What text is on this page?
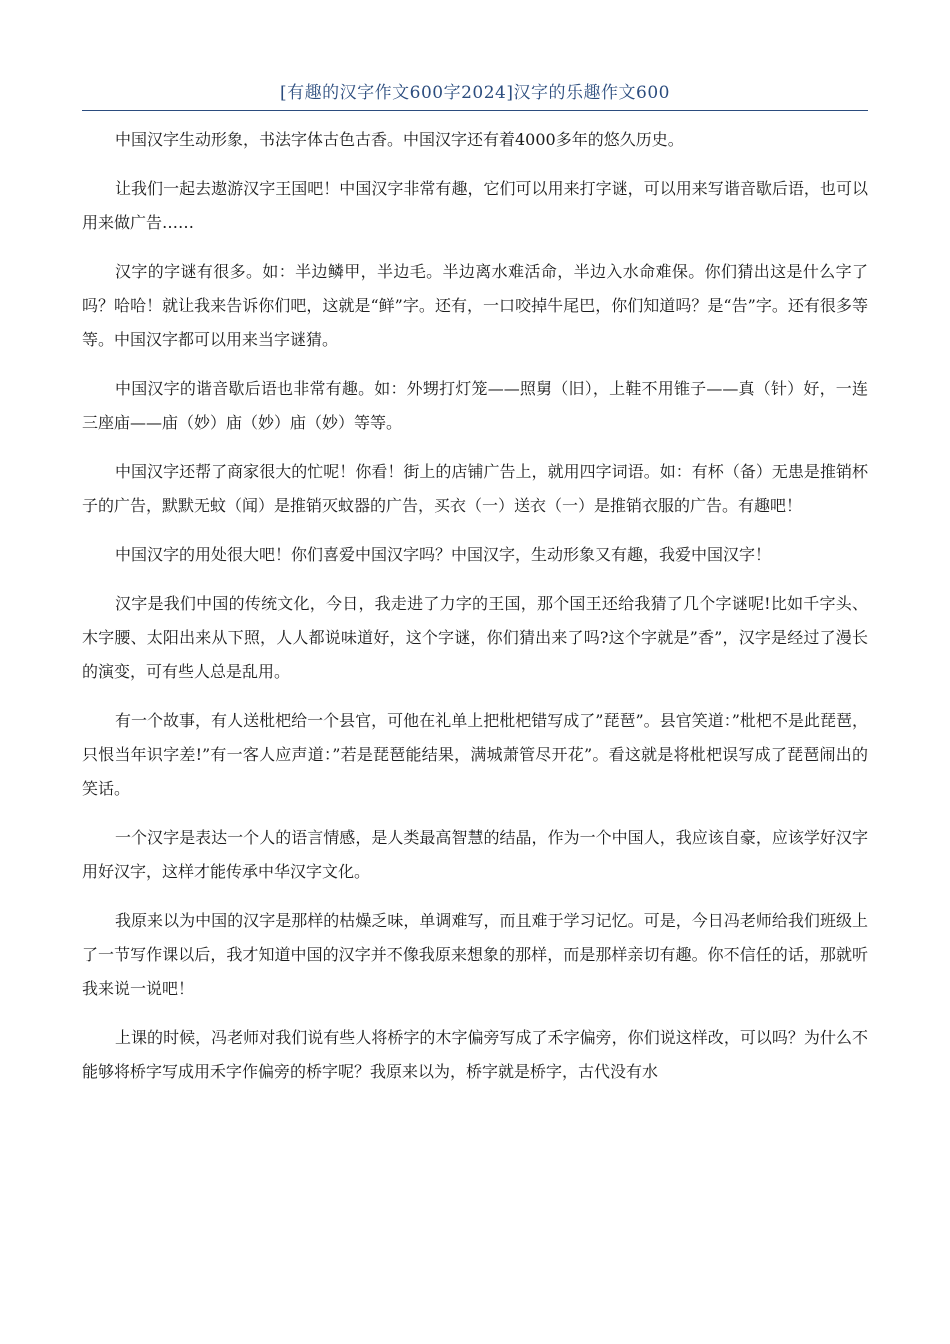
[有趣的汉字作文600字2024]汉字的乐趣作文600

中国汉字生动形象，书法字体古色古香。中国汉字还有着4000多年的悠久历史。

让我们一起去遨游汉字王国吧！中国汉字非常有趣，它们可以用来打字谜，可以用来写谐音歇后语，也可以用来做广告……

汉字的字谜有很多。如：半边鳞甲，半边毛。半边离水难活命，半边入水命难保。你们猜出这是什么字了吗？哈哈！就让我来告诉你们吧，这就是“鲜”字。还有，一口咬掉牛尾巴，你们知道吗？是“告”字。还有很多等等。中国汉字都可以用来当字谜猜。

中国汉字的谐音歇后语也非常有趣。如：外甥打灯笼——照舅（旧），上鞋不用锥子——真（针）好，一连三座庙——庙（妙）庙（妙）庙（妙）等等。

中国汉字还帮了商家很大的忙呢！你看！街上的店铺广告上，就用四字词语。如：有杯（备）无患是推销杯子的广告，默默无蚊（闻）是推销灭蚊器的广告，买衣（一）送衣（一）是推销衣服的广告。有趣吧！

中国汉字的用处很大吧！你们喜爱中国汉字吗？中国汉字，生动形象又有趣，我爱中国汉字！

汉字是我们中国的传统文化，今日，我走进了力字的王国，那个国王还给我猜了几个字谜呢!比如千字头、木字腰、太阳出来从下照，人人都说味道好，这个字谜，你们猜出来了吗?这个字就是”香”，汉字是经过了漫长的演变，可有些人总是乱用。

有一个故事，有人送枇杷给一个县官，可他在礼单上把枇杷错写成了”琵琶”。县官笑道：”枇杷不是此琵琶，只恨当年识字差!”有一客人应声道：”若是琵琶能结果，满城萧管尽开花”。看这就是将枇杷误写成了琵琶闹出的笑话。

一个汉字是表达一个人的语言情感，是人类最高智慧的结晶，作为一个中国人，我应该自豪，应该学好汉字用好汉字，这样才能传承中华汉字文化。

我原来以为中国的汉字是那样的枯燥乏味，单调难写，而且难于学习记忆。可是，今日冯老师给我们班级上了一节写作课以后，我才知道中国的汉字并不像我原来想象的那样，而是那样亲切有趣。你不信任的话，那就听我来说一说吧！

上课的时候，冯老师对我们说有些人将桥字的木字偏旁写成了禾字偏旁，你们说这样改，可以吗？为什么不能够将桥字写成用禾字作偏旁的桥字呢？我原来以为，桥字就是桥字，古代没有水
